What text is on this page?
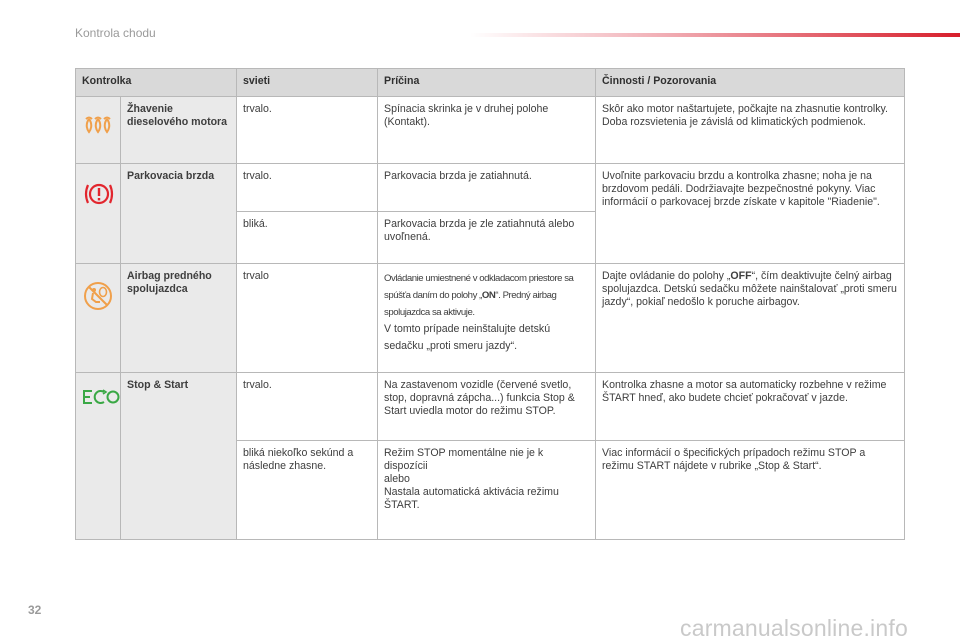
Kontrola chodu
Kontrolka		svieti	Príčina	Činnosti / Pozorovania

	Žhavenie dieselového motora	trvalo.	Spínacia skrinka je v druhej polohe (Kontakt).	Skôr ako motor naštartujete, počkajte na zhasnutie kontrolky. Doba rozsvietenia je závislá od klimatických podmienok.

	Parkovacia brzda	trvalo.	Parkovacia brzda je zatiahnutá.	Uvoľnite parkovaciu brzdu a kontrolka zhasne; noha je na brzdovom pedáli. Dodržiavajte bezpečnostné pokyny. Viac informácií o parkovacej brzde získate v kapitole "Riadenie".
		bliká.	Parkovacia brzda je zle zatiahnutá alebo uvoľnená.	

	Airbag predného spolujazdca	trvalo	Ovládanie umiestnené v odkladacom priestore sa spúšťa daním do polohy „ON“. Predný airbag spolujazdca sa aktivuje.
V tomto prípade neinštalujte detskú sedačku „proti smeru jazdy“.	Dajte ovládanie do polohy „OFF“, čím deaktivujte čelný airbag spolujazdca. Detskú sedačku môžete nainštalovať „proti smeru jazdy“, pokiaľ nedošlo k poruche airbagov.

	Stop & Start	trvalo.	Na zastavenom vozidle (červené svetlo, stop, dopravná zápcha...) funkcia Stop & Start uviedla motor do režimu STOP.	Kontrolka zhasne a motor sa automaticky rozbehne v režime ŠTART hneď, ako budete chcieť pokračovať v jazde.
		bliká niekoľko sekúnd a následne zhasne.	Režim STOP momentálne nie je k dispozícii
alebo
Nastala automatická aktivácia režimu ŠTART.	Viac informácií o špecifických prípadoch režimu STOP a režimu START nájdete v rubrike „Stop & Start“.
32
carmanualsonline.info
